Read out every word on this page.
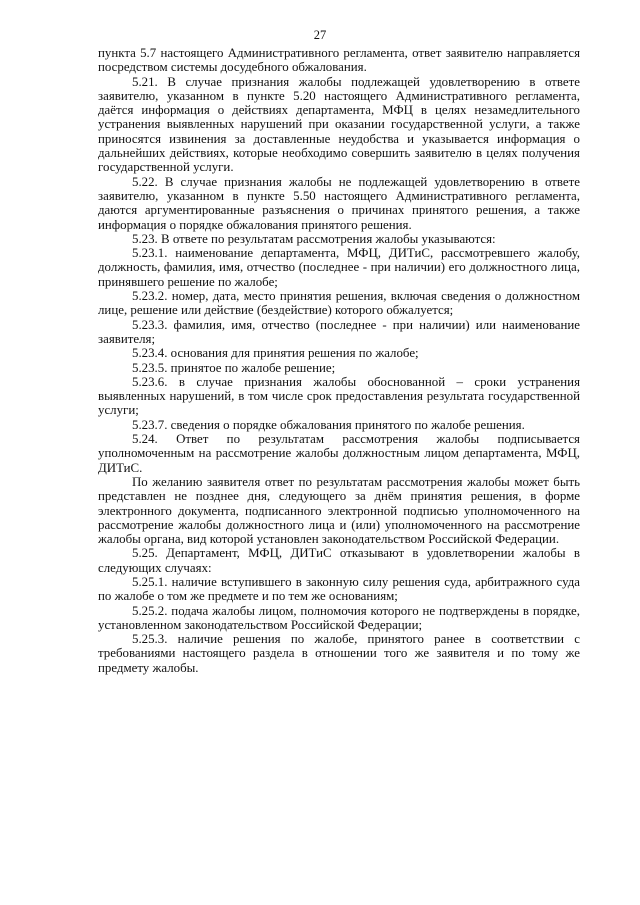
27

пункта 5.7 настоящего Административного регламента, ответ заявителю направляется посредством системы досудебного обжалования.

5.21. В случае признания жалобы подлежащей удовлетворению в ответе заявителю, указанном в пункте 5.20 настоящего Административного регламента, даётся информация о действиях департамента, МФЦ в целях незамедлительного устранения выявленных нарушений при оказании государственной услуги, а также приносятся извинения за доставленные неудобства и указывается информация о дальнейших действиях, которые необходимо совершить заявителю в целях получения государственной услуги.

5.22. В случае признания жалобы не подлежащей удовлетворению в ответе заявителю, указанном в пункте 5.50 настоящего Административного регламента, даются аргументированные разъяснения о причинах принятого решения, а также информация о порядке обжалования принятого решения.

5.23. В ответе по результатам рассмотрения жалобы указываются:

5.23.1. наименование департамента, МФЦ, ДИТиС, рассмотревшего жалобу, должность, фамилия, имя, отчество (последнее - при наличии) его должностного лица, принявшего решение по жалобе;

5.23.2. номер, дата, место принятия решения, включая сведения о должностном лице, решение или действие (бездействие) которого обжалуется;

5.23.3. фамилия, имя, отчество (последнее - при наличии) или наименование заявителя;

5.23.4. основания для принятия решения по жалобе;

5.23.5. принятое по жалобе решение;

5.23.6. в случае признания жалобы обоснованной – сроки устранения выявленных нарушений, в том числе срок предоставления результата государственной услуги;

5.23.7. сведения о порядке обжалования принятого по жалобе решения.

5.24. Ответ по результатам рассмотрения жалобы подписывается уполномоченным на рассмотрение жалобы должностным лицом департамента, МФЦ, ДИТиС.

По желанию заявителя ответ по результатам рассмотрения жалобы может быть представлен не позднее дня, следующего за днём принятия решения, в форме электронного документа, подписанного электронной подписью уполномоченного на рассмотрение жалобы должностного лица и (или) уполномоченного на рассмотрение жалобы органа, вид которой установлен законодательством Российской Федерации.

5.25. Департамент, МФЦ, ДИТиС отказывают в удовлетворении жалобы в следующих случаях:

5.25.1. наличие вступившего в законную силу решения суда, арбитражного суда по жалобе о том же предмете и по тем же основаниям;

5.25.2. подача жалобы лицом, полномочия которого не подтверждены в порядке, установленном законодательством Российской Федерации;

5.25.3. наличие решения по жалобе, принятого ранее в соответствии с требованиями настоящего раздела в отношении того же заявителя и по тому же предмету жалобы.
